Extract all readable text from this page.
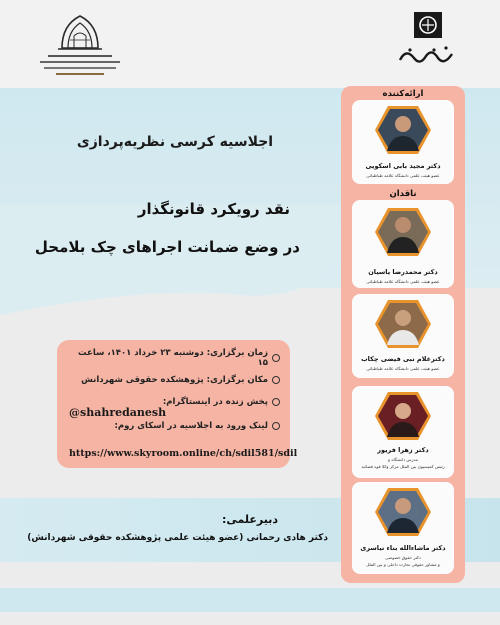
اجلاسیه کرسی نظریه‌پردازی
نقد رویکرد قانونگذار
در وضع ضمانت اجراهای چک بلامحل
زمان برگزاری: دوشنبه ۲۳ خرداد ۱۴۰۱، ساعت ۱۵
مکان برگزاری: پژوهشکده حقوقی شهردانش
پخش زنده در اینستاگرام:
@shahredanesh
لینک ورود به اجلاسیه در اسکای روم:
https://www.skyroom.online/ch/sdil581/sdil
دبیرعلمی:
دکتر هادی رحمانی (عضو هیئت علمی پژوهشکده حقوقی شهردانش)
ارائه‌کننده
دکتر مجید بابی اسکویی
عضو هیئت علمی دانشگاه علامه طباطبائی
ناقدان
دکتر محمدرضا یاسیان
عضو هیئت علمی دانشگاه علامه طباطبائی
دکترغلام نبی فیضی چکاب
عضو هیئت علمی دانشگاه علامه طباطبائی
دکتر زهرا فریور
مدرس دانشگاه و
رئیس کمیسیون بین الملل مرکز وکلا قوه قضائیه
دکتر ماشاءالله بناء نیاسری
دکتر حقوق خصوصی
و مشاور حقوقی تجارت داخلی و بین الملل
